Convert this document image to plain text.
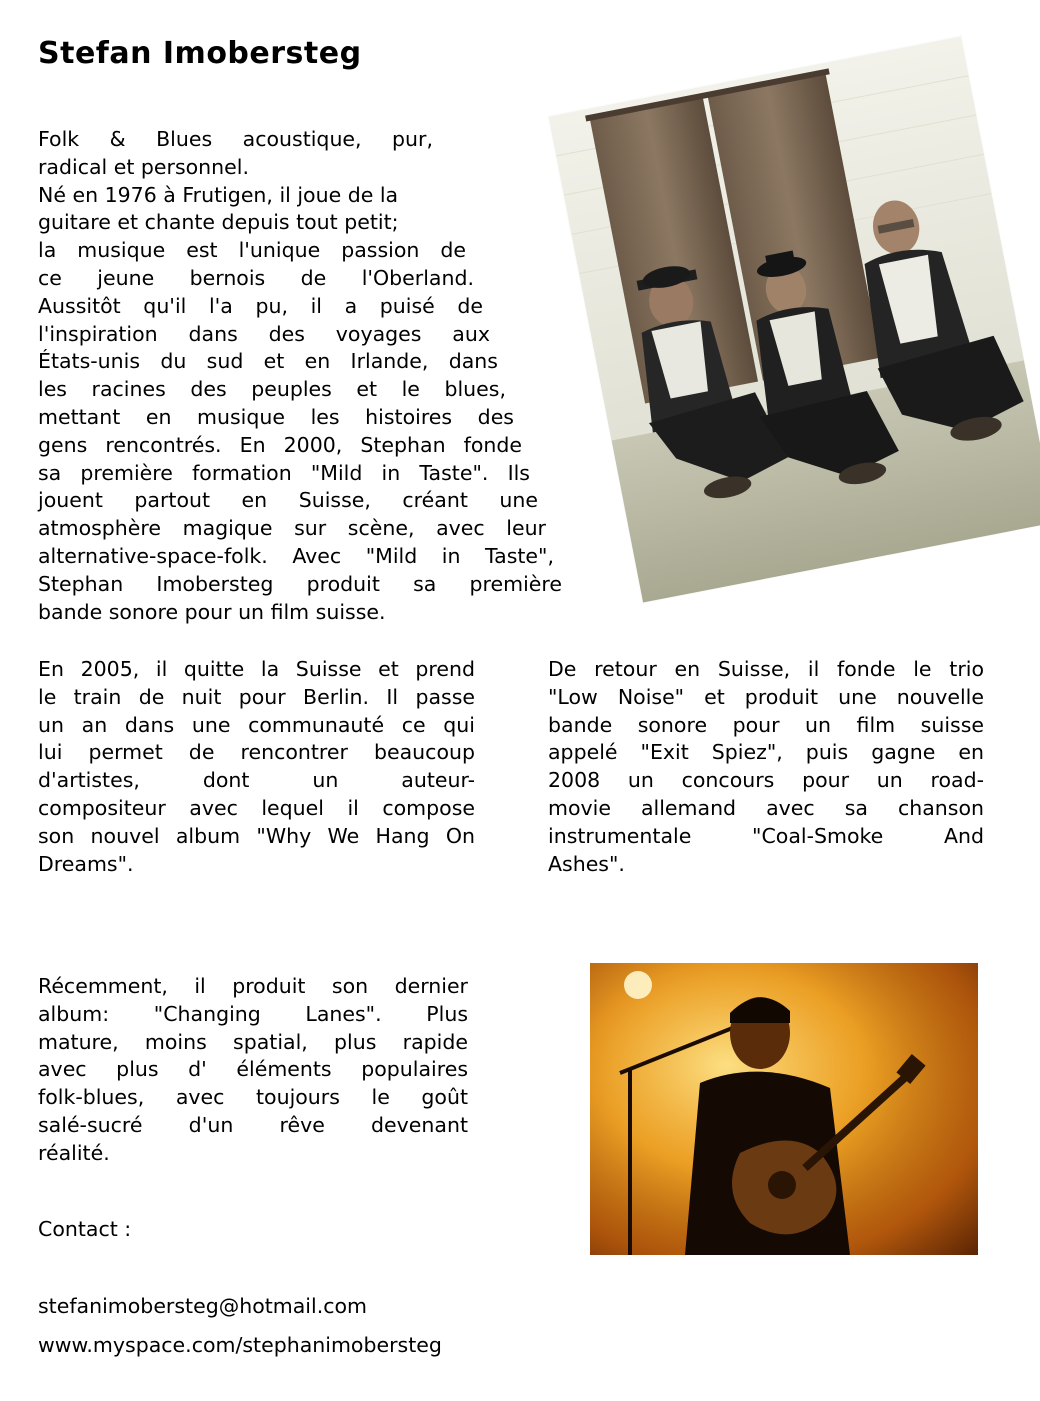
Stefan Imobersteg
Folk & Blues acoustique, pur,
radical et personnel.
Né en 1976 à Frutigen, il joue de la
guitare et chante depuis tout petit;
la musique est l'unique passion de
ce jeune bernois de l'Oberland.
Aussitôt qu'il l'a pu, il a puisé de
l'inspiration dans des voyages aux
États-unis du sud et en Irlande, dans
les racines des peuples et le blues,
mettant en musique les histoires des
gens rencontrés. En 2000, Stephan fonde
sa première formation "Mild in Taste". Ils
jouent partout en Suisse, créant une
atmosphère magique sur scène, avec leur
alternative-space-folk. Avec "Mild in Taste",
Stephan Imobersteg produit sa première
bande sonore pour un film suisse.
En 2005, il quitte la Suisse et prend
le train de nuit pour Berlin. Il passe
un an dans une communauté ce qui
lui permet de rencontrer beaucoup
d'artistes, dont un auteur-
compositeur avec lequel il compose
son nouvel album "Why We Hang On
Dreams".
De retour en Suisse, il fonde le trio
"Low Noise" et produit une nouvelle
bande sonore pour un film suisse
appelé "Exit Spiez", puis gagne en
2008 un concours pour un road-
movie allemand avec sa chanson
instrumentale "Coal-Smoke And
Ashes".
Récemment, il produit son dernier
album: "Changing Lanes". Plus
mature, moins spatial, plus rapide
avec plus d' éléments populaires
folk-blues, avec toujours le goût
salé-sucré d'un rêve devenant
réalité.
Contact :
stefanimobersteg@hotmail.com
www.myspace.com/stephanimobersteg
